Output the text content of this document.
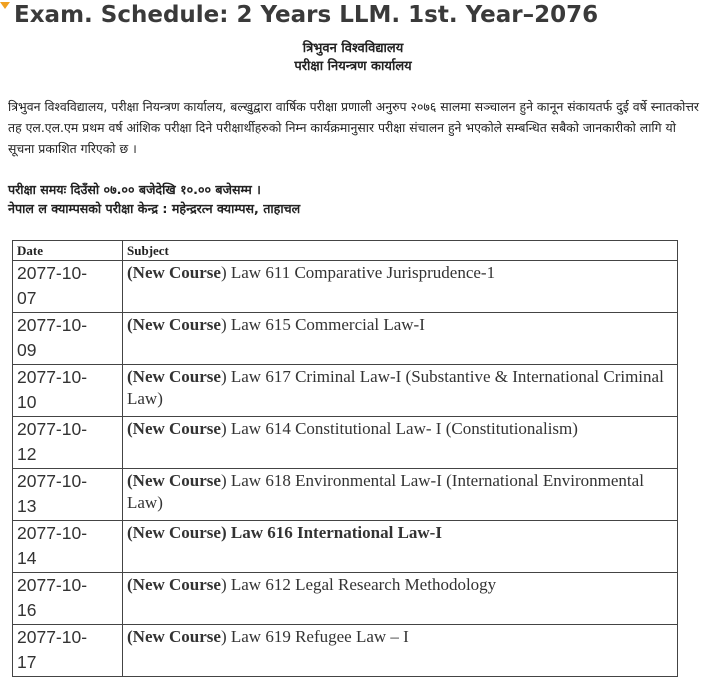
Exam. Schedule: 2 Years LLM. 1st. Year–2076
त्रिभुवन विश्वविद्यालय
परीक्षा नियन्त्रण कार्यालय

त्रिभुवन विश्वविद्यालय, परीक्षा नियन्त्रण कार्यालय, बल्खुद्वारा वार्षिक परीक्षा प्रणाली अनुरुप २०७६ सालमा सञ्चालन हुने कानून संकायतर्फ दुई वर्षे स्नातकोत्तर तह एल.एल.एम प्रथम वर्ष आंशिक परीक्षा दिने परीक्षार्थीहरुको निम्न कार्यक्रमानुसार परीक्षा संचालन हुने भएकोले सम्बन्धित सबैको जानकारीको लागि यो सूचना प्रकाशित गरिएको छ ।

परीक्षा समयः दिउँसो ०७.०० बजेदेखि १०.०० बजेसम्म ।
नेपाल ल क्याम्पसको परीक्षा केन्द्र : महेन्द्ररत्न क्याम्पस, ताहाचल
Date	Subject
2077-10-
07	(New Course) Law 611 Comparative Jurisprudence-1
2077-10-
09	(New Course) Law 615 Commercial Law-I
2077-10-
10	(New Course) Law 617 Criminal Law-I (Substantive & International Criminal Law)
2077-10-
12	(New Course) Law 614 Constitutional Law- I (Constitutionalism)
2077-10-
13	(New Course) Law 618 Environmental Law-I (International Environmental Law)
2077-10-
14	(New Course) Law 616 International Law-I
2077-10-
16	(New Course) Law 612 Legal Research Methodology
2077-10-
17	(New Course) Law 619 Refugee Law – I
